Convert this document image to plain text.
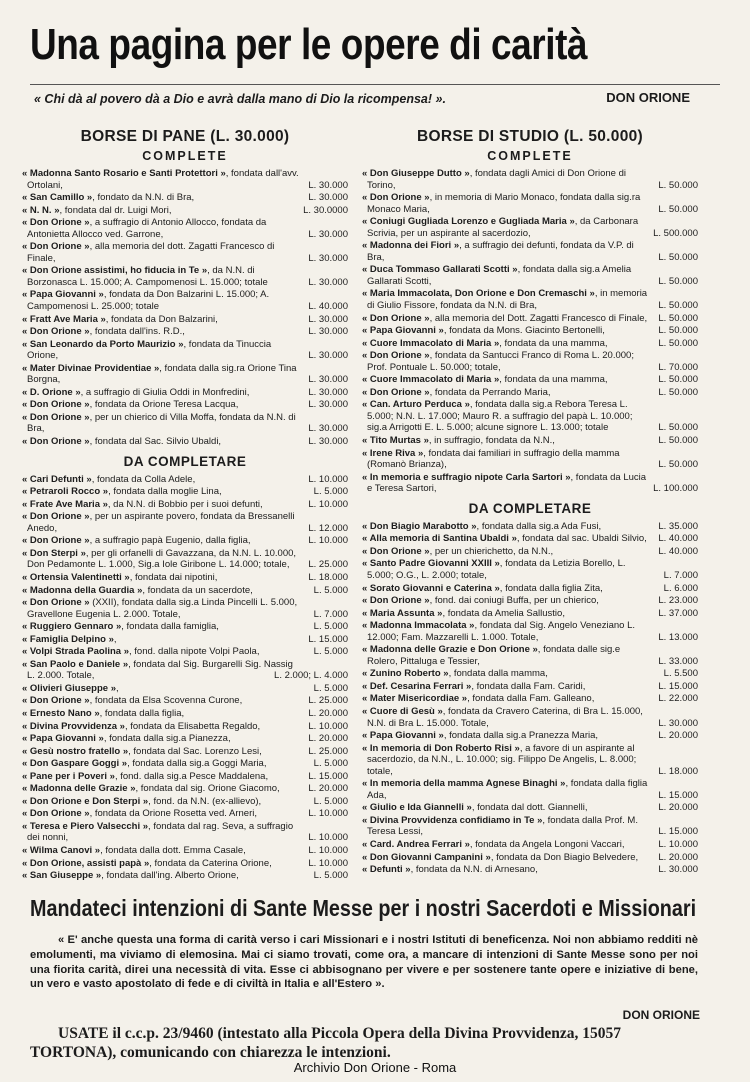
Una pagina per le opere di carità
« Chi dà al povero dà a Dio e avrà dalla mano di Dio la ricompensa! ».	DON ORIONE
BORSE DI PANE (L. 30.000)
COMPLETE
« Madonna Santo Rosario e Santi Protettori », fondata dall'avv. Ortolani,	L. 30.000
« San Camillo », fondato da N.N. di Bra,	L. 30.000
« N. N. », fondata dal dr. Luigi Mori,	L. 30.0000
« Don Orione », a suffragio di Antonio Allocco, fondata da Antonietta Allocco ved. Garrone,	L. 30.000
« Don Orione », alla memoria del dott. Zagatti Francesco di Finale,	L. 30.000
« Don Orione assistimi, ho fiducia in Te », da N.N. di Borzonasca L. 15.000; A. Campomenosi L. 15.000; totale	L. 30.000
« Papa Giovanni », fondata da Don Balzarini L. 15.000; A. Campomenosi L. 25.000; totale	L. 40.000
« Fratt Ave Maria », fondata da Don Balzarini,	L. 30.000
« Don Orione », fondata dall'ins. R.D.,	L. 30.000
« San Leonardo da Porto Maurizio », fondata da Tinuccia Orione,	L. 30.000
« Mater Divinae Providentiae », fondata dalla sig.ra Orione Tina Borgna,	L. 30.000
« D. Orione », a suffragio di Giulia Oddi in Monfredini,	L. 30.000
« Don Orione », fondata da Orione Teresa Lacqua,	L. 30.000
« Don Orione », per un chierico di Villa Moffa, fondata da N.N. di Bra,	L. 30.000
« Don Orione », fondata dal Sac. Silvio Ubaldi,	L. 30.000
DA COMPLETARE
« Cari Defunti », fondata da Colla Adele,	L. 10.000
« Petraroli Rocco », fondata dalla moglie Lina,	L. 5.000
« Frate Ave Maria », da N.N. di Bobbio per i suoi defunti,	L. 10.000
« Don Orione », per un aspirante povero, fondata da Bressanelli Anedo,	L. 12.000
« Don Orione », a suffragio papà Eugenio, dalla figlia,	L. 10.000
« Don Sterpi », per gli orfanelli di Gavazzana, da N.N. L. 10.000, Don Pedamonte L. 1.000, Sig.a Iole Giribone L. 14.000; totale, L. 25.000
« Ortensia Valentinetti », fondata dai nipotini,	L. 18.000
« Madonna della Guardia », fondata da un sacerdote,	L. 5.000
« Don Orione » (XXII), fondata dalla sig.a Linda Pincelli L. 5.000, Gravellone Eugenia L. 2.000. Totale,	L. 7.000
« Ruggiero Gennaro », fondata dalla famiglia,	L. 5.000
« Famiglia Delpino »,	L. 15.000
« Volpi Strada Paolina », fond. dalla nipote Volpi Paola,	L. 5.000
« San Paolo e Daniele », fondata dal Sig. Burgarelli Sig. Nassig L. 2.000. Totale,	L. 2.000; L. 4.000
« Olivieri Giuseppe »,	L. 5.000
« Don Orione », fondata da Elsa Scovenna Curone,	L. 25.000
« Ernesto Nano », fondata dalla figlia,	L. 20.000
« Divina Provvidenza », fondata da Elisabetta Regaldo,	L. 10.000
« Papa Giovanni », fondata dalla sig.a Pianezza,	L. 20.000
« Gesù nostro fratello », fondata dal Sac. Lorenzo Lesi,	L. 25.000
« Don Gaspare Goggi », fondata dalla sig.a Goggi Maria,	L. 5.000
« Pane per i Poveri », fond. dalla sig.a Pesce Maddalena,	L. 15.000
« Madonna delle Grazie », fondata dal sig. Orione Giacomo,	L. 20.000
« Don Orione e Don Sterpi », fond. da N.N. (ex-allievo),	L. 5.000
« Don Orione », fondata da Orione Rosetta ved. Arneri,	L. 10.000
« Teresa e Piero Valsecchi », fondata dal rag. Seva, a suffragio dei nonni,	L. 10.000
« Wilma Canovi », fondata dalla dott. Emma Casale,	L. 10.000
« Don Orione, assisti papà », fondata da Caterina Orione,	L. 10.000
« San Giuseppe », fondata dall'ing. Alberto Orione,	L. 5.000
BORSE DI STUDIO (L. 50.000)
COMPLETE
« Don Giuseppe Dutto », fondata dagli Amici di Don Orione di Torino,	L. 50.000
« Don Orione », in memoria di Mario Monaco, fondata dalla sig.ra Monaco Maria,	L. 50.000
« Coniugi Gugliada Lorenzo e Gugliada Maria », da Carbonara Scrivia, per un aspirante al sacerdozio,	L. 500.000
« Madonna dei Fiori », a suffragio dei defunti, fondata da V.P. di Bra,	L. 50.000
« Duca Tommaso Gallarati Scotti », fondata dalla sig.a Amelia Gallarati Scotti,	L. 50.000
« Maria Immacolata, Don Orione e Don Cremaschi », in memoria di Giulio Fissore, fondata da N.N. di Bra,	L. 50.000
« Don Orione », alla memoria del Dott. Zagatti Francesco di Finale, L. 50.000
« Papa Giovanni », fondata da Mons. Giacinto Bertonelli,	L. 50.000
« Cuore Immacolato di Maria », fondata da una mamma,	L. 50.000
« Don Orione », fondata da Santucci Franco di Roma L. 20.000; Prof. Pontuale L. 50.000; totale,	L. 70.000
« Cuore Immacolato di Maria », fondata da una mamma,	L. 50.000
« Don Orione », fondata da Perrando Maria,	L. 50.000
« Can. Arturo Perduca », fondata dalla sig.a Rebora Teresa L. 5.000; N.N. L. 17.000; Mauro R. a suffragio del papà L. 10.000; sig.a Arrigotti E. L. 5.000; alcune signore L. 13.000; totale	L. 50.000
« Tito Murtas », in suffragio, fondata da N.N.,	L. 50.000
« Irene Riva », fondata dai familiari in suffragio della mamma (Romanò Brianza),	L. 50.000
« In memoria e suffragio nipote Carla Sartori », fondata da Lucia e Teresa Sartori,	L. 100.000
DA COMPLETARE
« Don Biagio Marabotto », fondata dalla sig.a Ada Fusi,	L. 35.000
« Alla memoria di Santina Ubaldi », fondata dal sac. Ubaldi Silvio, L. 40.000
« Don Orione », per un chierichetto, da N.N.,	L. 40.000
« Santo Padre Giovanni XXIII », fondata da Letizia Borello, L. 5.000; O.G., L. 2.000; totale,	L. 7.000
« Sorato Giovanni e Caterina », fondata dalla figlia Zita,	L. 6.000
« Don Orione », fond. dai coniugi Buffa, per un chierico,	L. 23.000
« Maria Assunta », fondata da Amelia Sallustio,	L. 37.000
« Madonna Immacolata », fondata dal Sig. Angelo Veneziano L. 12.000; Fam. Mazzarelli L. 1.000. Totale,	L. 13.000
« Madonna delle Grazie e Don Orione », fondata dalle sig.e Rolero, Pittaluga e Tessier,	L. 33.000
« Zunino Roberto », fondata dalla mamma,	L. 5.500
« Def. Cesarina Ferrari », fondata dalla Fam. Caridi,	L. 15.000
« Mater Misericordiae », fondata dalla Fam. Galleano,	L. 22.000
« Cuore di Gesù », fondata da Cravero Caterina, di Bra L. 15.000, N.N. di Bra L. 15.000. Totale,	L. 30.000
« Papa Giovanni », fondata dalla sig.a Pranezza Maria,	L. 20.000
« In memoria di Don Roberto Risi », a favore di un aspirante al sacerdozio, da N.N., L. 10.000; sig. Filippo De Angelis, L. 8.000; totale,	L. 18.000
« In memoria della mamma Agnese Binaghi », fondata dalla figlia Ada,	L. 15.000
« Giulio e Ida Giannelli », fondata dal dott. Giannelli,	L. 20.000
« Divina Provvidenza confidiamo in Te », fondata dalla Prof. M. Teresa Lessi,	L. 15.000
« Card. Andrea Ferrari », fondata da Angela Longoni Vaccari,	L. 10.000
« Don Giovanni Campanini », fondata da Don Biagio Belvedere, L. 20.000
« Defunti », fondata da N.N. di Arnesano,	L. 30.000
Mandateci intenzioni di Sante Messe per i nostri Sacerdoti e Missionari
« E' anche questa una forma di carità verso i cari Missionari e i nostri Istituti di beneficenza. Noi non abbiamo redditi nè emolumenti, ma viviamo di elemosina. Mai ci siamo trovati, come ora, a mancare di intenzioni di Sante Messe sono per noi una fiorita carità, direi una necessità di vita. Esse ci abbisognano per vivere e per sostenere tante opere e iniziative di bene, un vero e vasto apostolato di fede e di civiltà in Italia e all'Estero ».
DON ORIONE
USATE il c.c.p. 23/9460 (intestato alla Piccola Opera della Divina Provvidenza, 15057 TORTONA), comunicando con chiarezza le intenzioni.
Archivio Don Orione - Roma
